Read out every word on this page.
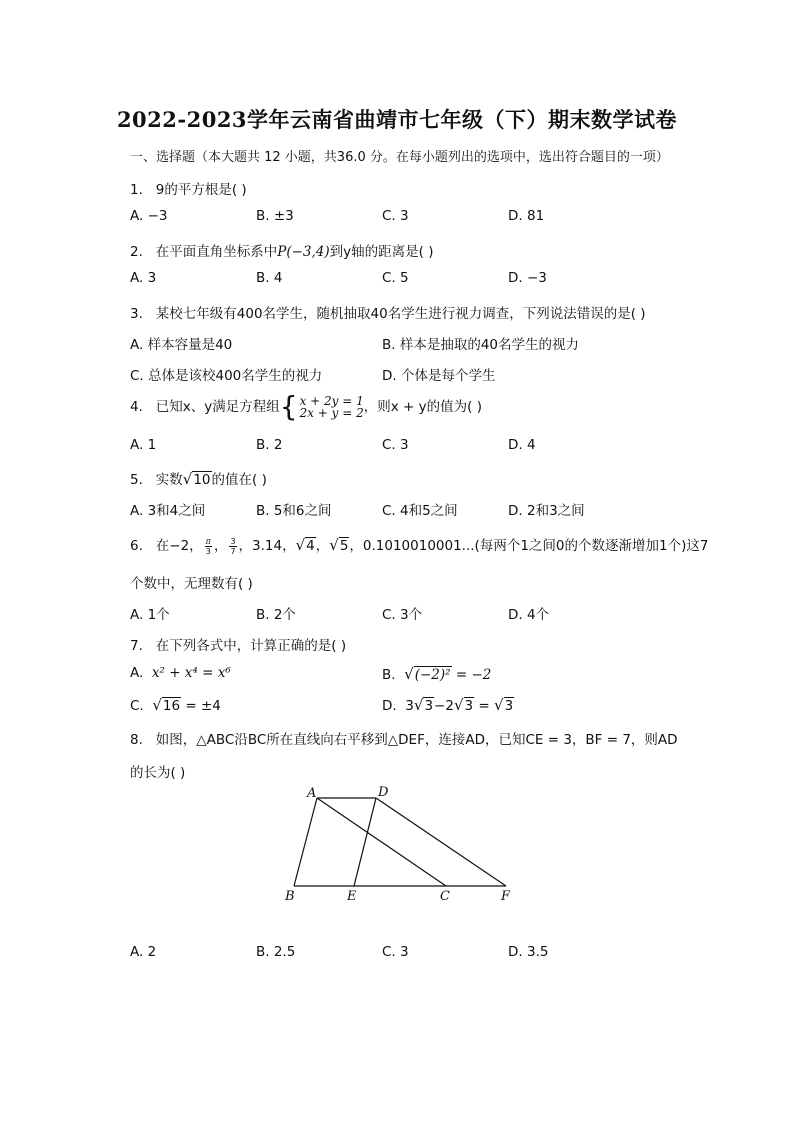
2022-2023学年云南省曲靖市七年级（下）期末数学试卷
一、选择题（本大题共 12 小题，共36.0 分。在每小题列出的选项中，选出符合题目的一项）
1. 9的平方根是( )
A. −3	B. ±3	C. 3	D. 81
2. 在平面直角坐标系中P(−3,4)到y轴的距离是( )
A. 3	B. 4	C. 5	D. −3
3. 某校七年级有400名学生，随机抽取40名学生进行视力调查，下列说法错误的是( )
A. 样本容量是40	B. 样本是抽取的40名学生的视力
C. 总体是该校400名学生的视力	D. 个体是每个学生
4. 已知x、y满足方程组{ x + 2y = 1
2x + y = 2 ，则x + y的值为( )
A. 1	B. 2	C. 3	D. 4
5. 实数√10的值在( )
A. 3和4之间	B. 5和6之间	C. 4和5之间	D. 2和3之间
6. 在−2， $\frac{\pi}{3}$ ， $\frac{3}{7}$ ，3.14，√4，√5，0.1010010001...(每两个1之间0的个数逐渐增加1个)这7
个数中，无理数有( )
A. 1个	B. 2个	C. 3个	D. 4个
7. 在下列各式中，计算正确的是( )
A. x² + x⁴ = x⁶	B. √(−2)² = −2
C. √16 = ±4	D. 3√3−2√3 = √3
8. 如图，△ABC沿BC所在直线向右平移到△DEF，连接AD，已知CE = 3，BF = 7，则AD
的长为( )
A	D
B	E	C	F
A. 2	B. 2.5	C. 3	D. 3.5
